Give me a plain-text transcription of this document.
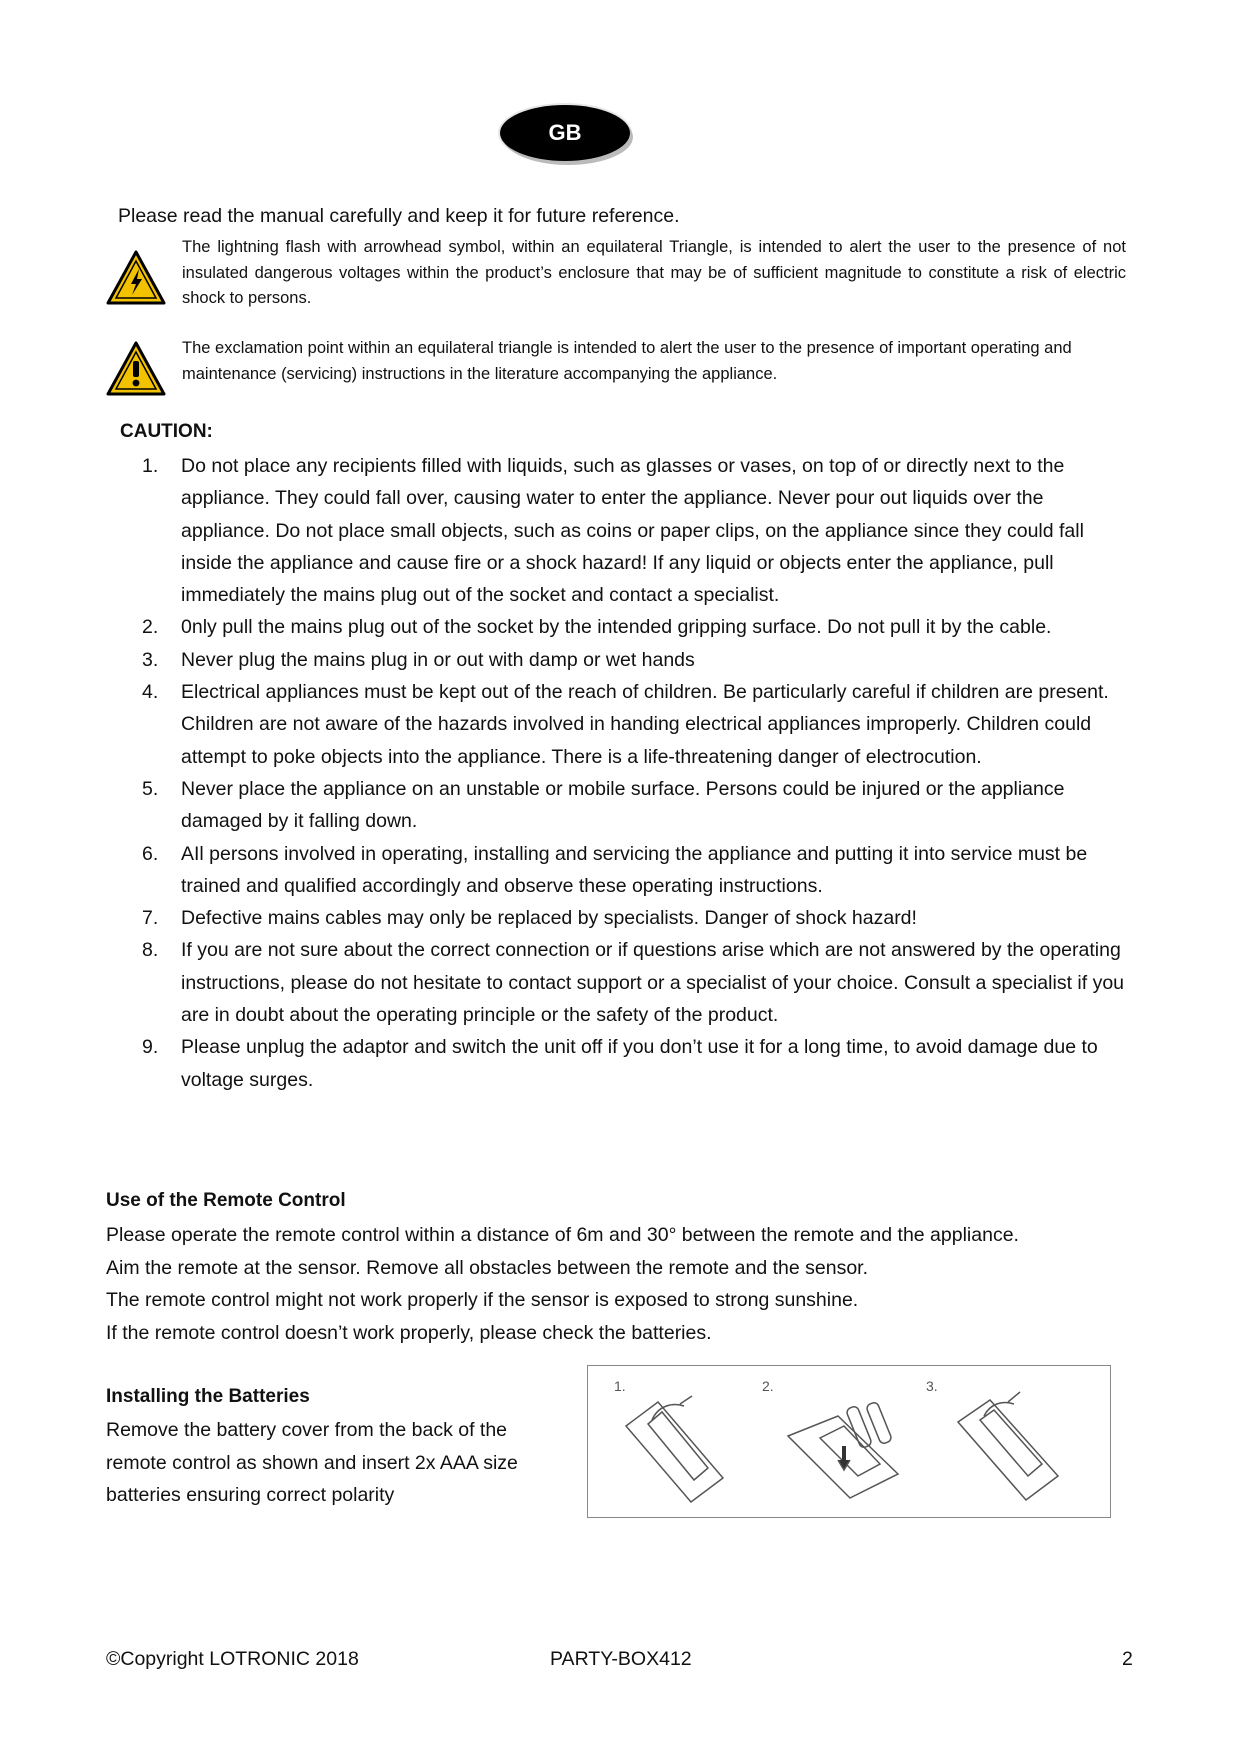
GB
Please read the manual carefully and keep it for future reference.
The lightning flash with arrowhead symbol, within an equilateral Triangle, is intended to alert the user to the presence of not insulated dangerous voltages within the product’s enclosure that may be of sufficient magnitude to constitute a risk of electric shock to persons.
The exclamation point within an equilateral triangle is intended to alert the user to the presence of important operating and maintenance (servicing) instructions in the literature accompanying the appliance.
CAUTION:
1. Do not place any recipients filled with liquids, such as glasses or vases, on top of or directly next to the appliance. They could fall over, causing water to enter the appliance. Never pour out liquids over the appliance. Do not place small objects, such as coins or paper clips, on the appliance since they could fall inside the appliance and cause fire or a shock hazard! If any liquid or objects enter the appliance, pull immediately the mains plug out of the socket and contact a specialist.
2. 0nly pull the mains plug out of the socket by the intended gripping surface. Do not pull it by the cable.
3. Never plug the mains plug in or out with damp or wet hands
4. Electrical appliances must be kept out of the reach of children. Be particularly careful if children are present. Children are not aware of the hazards involved in handing electrical appliances improperly. Children could attempt to poke objects into the appliance. There is a life-threatening danger of electrocution.
5. Never place the appliance on an unstable or mobile surface. Persons could be injured or the appliance damaged by it falling down.
6. AIl persons involved in operating, installing and servicing the appliance and putting it into service must be trained and qualified accordingly and observe these operating instructions.
7. Defective mains cables may only be replaced by specialists. Danger of shock hazard!
8. If you are not sure about the correct connection or if questions arise which are not answered by the operating instructions, please do not hesitate to contact support or a specialist of your choice. Consult a specialist if you are in doubt about the operating principle or the safety of the product.
9. Please unplug the adaptor and switch the unit off if you don’t use it for a long time, to avoid damage due to voltage surges.
Use of the Remote Control
Please operate the remote control within a distance of 6m and 30° between the remote and the appliance.
Aim the remote at the sensor. Remove all obstacles between the remote and the sensor.
The remote control might not work properly if the sensor is exposed to strong sunshine.
If the remote control doesn’t work properly, please check the batteries.
Installing the Batteries
Remove the battery cover from the back of the remote control as shown and insert 2x AAA size batteries ensuring correct polarity
1.	2.	3.
©Copyright LOTRONIC 2018	PARTY-BOX412	2
